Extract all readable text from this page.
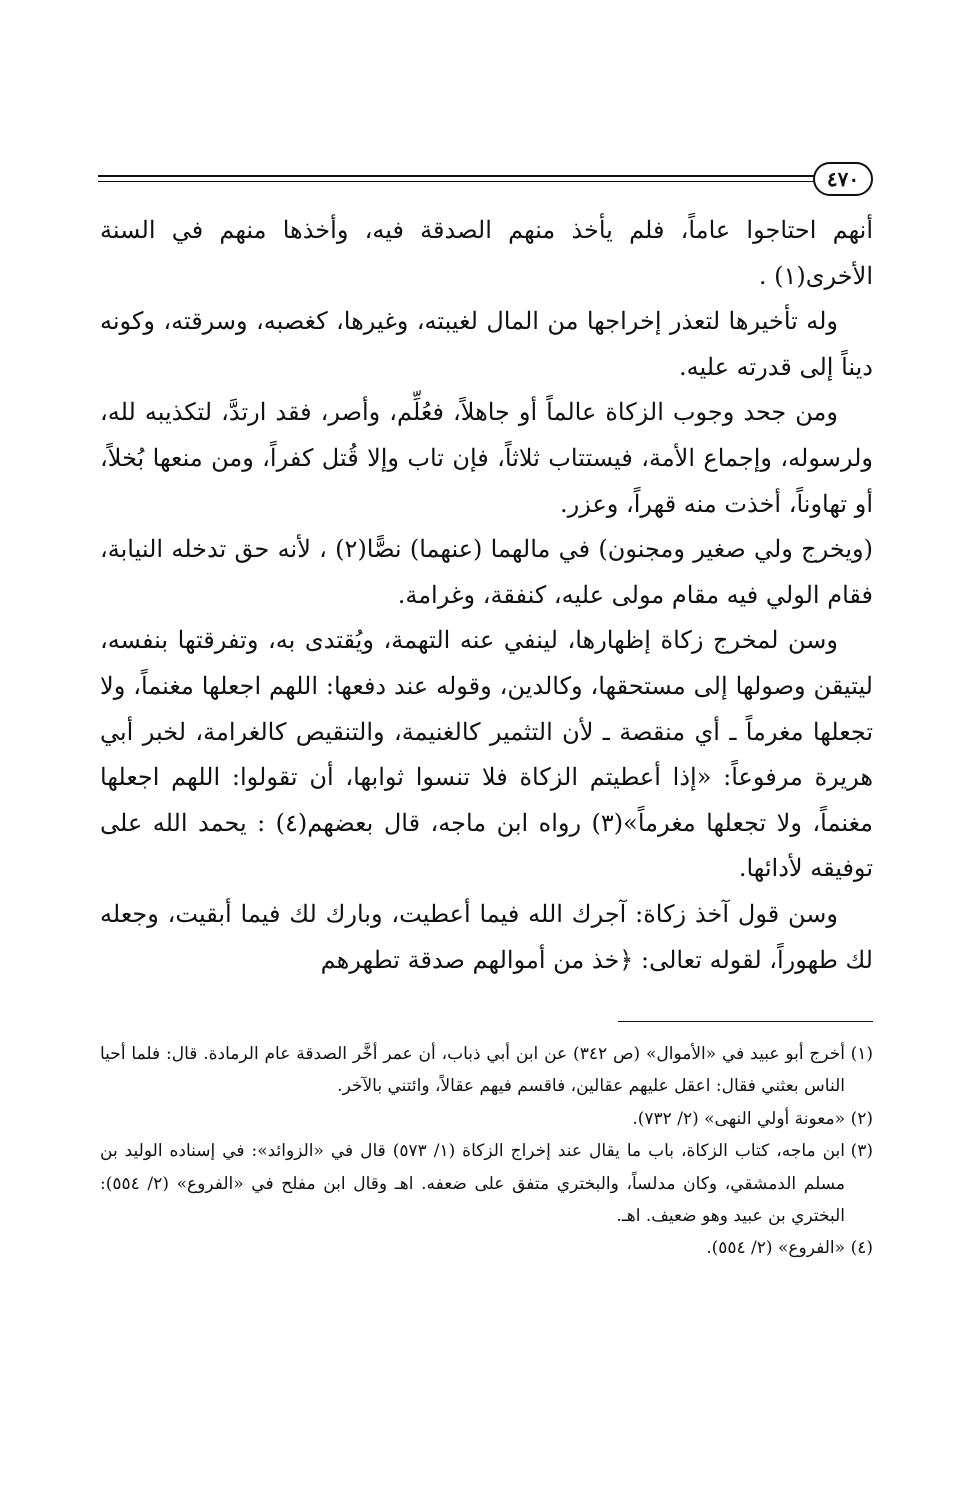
٤٧٠

أنهم احتاجوا عاماً، فلم يأخذ منهم الصدقة فيه، وأخذها منهم في السنة الأخرى(١) .

وله تأخيرها لتعذر إخراجها من المال لغيبته، وغيرها، كغصبه، وسرقته، وكونه ديناً إلى قدرته عليه.

ومن جحد وجوب الزكاة عالماً أو جاهلاً، فعُلِّم، وأصر، فقد ارتدَّ، لتكذيبه لله، ولرسوله، وإجماع الأمة، فيستتاب ثلاثاً، فإن تاب وإلا قُتل كفراً، ومن منعها بُخلاً، أو تهاوناً، أخذت منه قهراً، وعزر.

(ويخرج ولي صغير ومجنون) في مالهما (عنهما) نصًّا(٢) ، لأنه حق تدخله النيابة، فقام الولي فيه مقام مولى عليه، كنفقة، وغرامة.

وسن لمخرج زكاة إظهارها، لينفي عنه التهمة، ويُقتدى به، وتفرقتها بنفسه، ليتيقن وصولها إلى مستحقها، وكالدين، وقوله عند دفعها: اللهم اجعلها مغنماً، ولا تجعلها مغرماً ـ أي منقصة ـ لأن التثمير كالغنيمة، والتنقيص كالغرامة، لخبر أبي هريرة مرفوعاً: «إذا أعطيتم الزكاة فلا تنسوا ثوابها، أن تقولوا: اللهم اجعلها مغنماً، ولا تجعلها مغرماً»(٣) رواه ابن ماجه، قال بعضهم(٤) : يحمد الله على توفيقه لأدائها.

وسن قول آخذ زكاة: آجرك الله فيما أعطيت، وبارك لك فيما أبقيت، وجعله لك طهوراً، لقوله تعالى: ﴿خذ من أموالهم صدقة تطهرهم

(١)
أخرج أبو عبيد في «الأموال» (ص ٣٤٢) عن ابن أبي ذباب، أن عمر أخَّر الصدقة عام الرمادة. قال: فلما أحيا الناس بعثني فقال: اعقل عليهم عقالين، فاقسم فيهم عقالاً، وائتني بالآخر.

(٢)
«معونة أولي النهى» (٢/ ٧٣٢).

(٣)
ابن ماجه، كتاب الزكاة، باب ما يقال عند إخراج الزكاة (١/ ٥٧٣) قال في «الزوائد»: في إسناده الوليد بن مسلم الدمشقي، وكان مدلساً، والبختري متفق على ضعفه. اهـ وقال ابن مفلح في «الفروع» (٢/ ٥٥٤): البختري بن عبيد وهو ضعيف. اهـ.

(٤)
«الفروع» (٢/ ٥٥٤).
